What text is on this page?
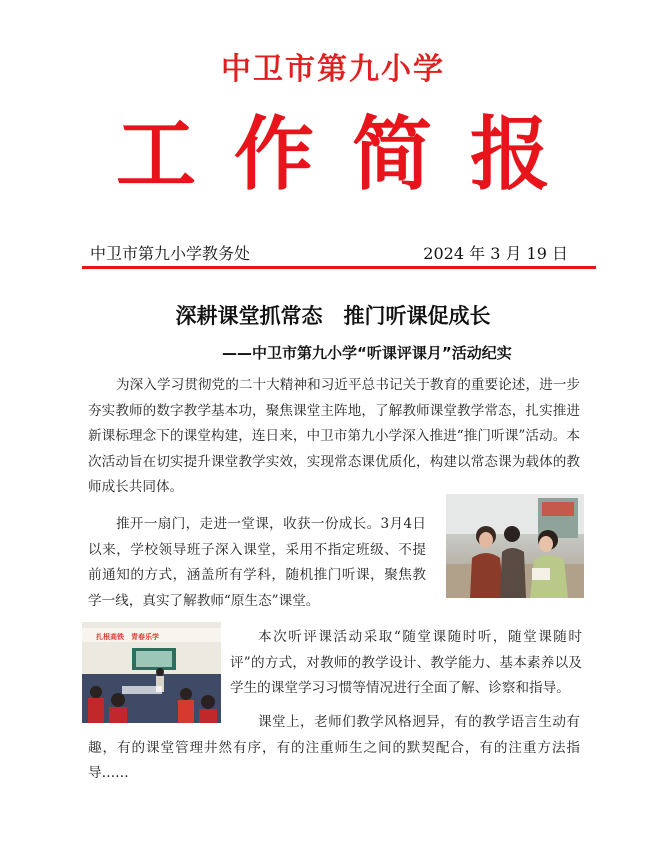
中卫市第九小学
工作简报
中卫市第九小学教务处	2024 年 3 月 19 日
深耕课堂抓常态　推门听课促成长
——中卫市第九小学“听课评课月”活动纪实

为深入学习贯彻党的二十大精神和习近平总书记关于教育的重要论述，进一步夯实教师的数字教学基本功，聚焦课堂主阵地，了解教师课堂教学常态，扎实推进新课标理念下的课堂构建，连日来，中卫市第九小学深入推进“推门听课”活动。本次活动旨在切实提升课堂教学实效，实现常态课优质化，构建以常态课为载体的教师成长共同体。

推开一扇门，走进一堂课，收获一份成长。3月4日以来，学校领导班子深入课堂，采用不指定班级、不提前通知的方式，涵盖所有学科，随机推门听课，聚焦教学一线，真实了解教师“原生态”课堂。

扎根高铁　青春乐学	本次听评课活动采取“随堂课随时听，随堂课随时评”的方式，对教师的教学设计、教学能力、基本素养以及学生的课堂学习习惯等情况进行全面了解、诊察和指导。

课堂上，老师们教学风格迥异，有的教学语言生动有趣，有的课堂管理井然有序，有的注重师生之间的默契配合，有的注重方法指导……
